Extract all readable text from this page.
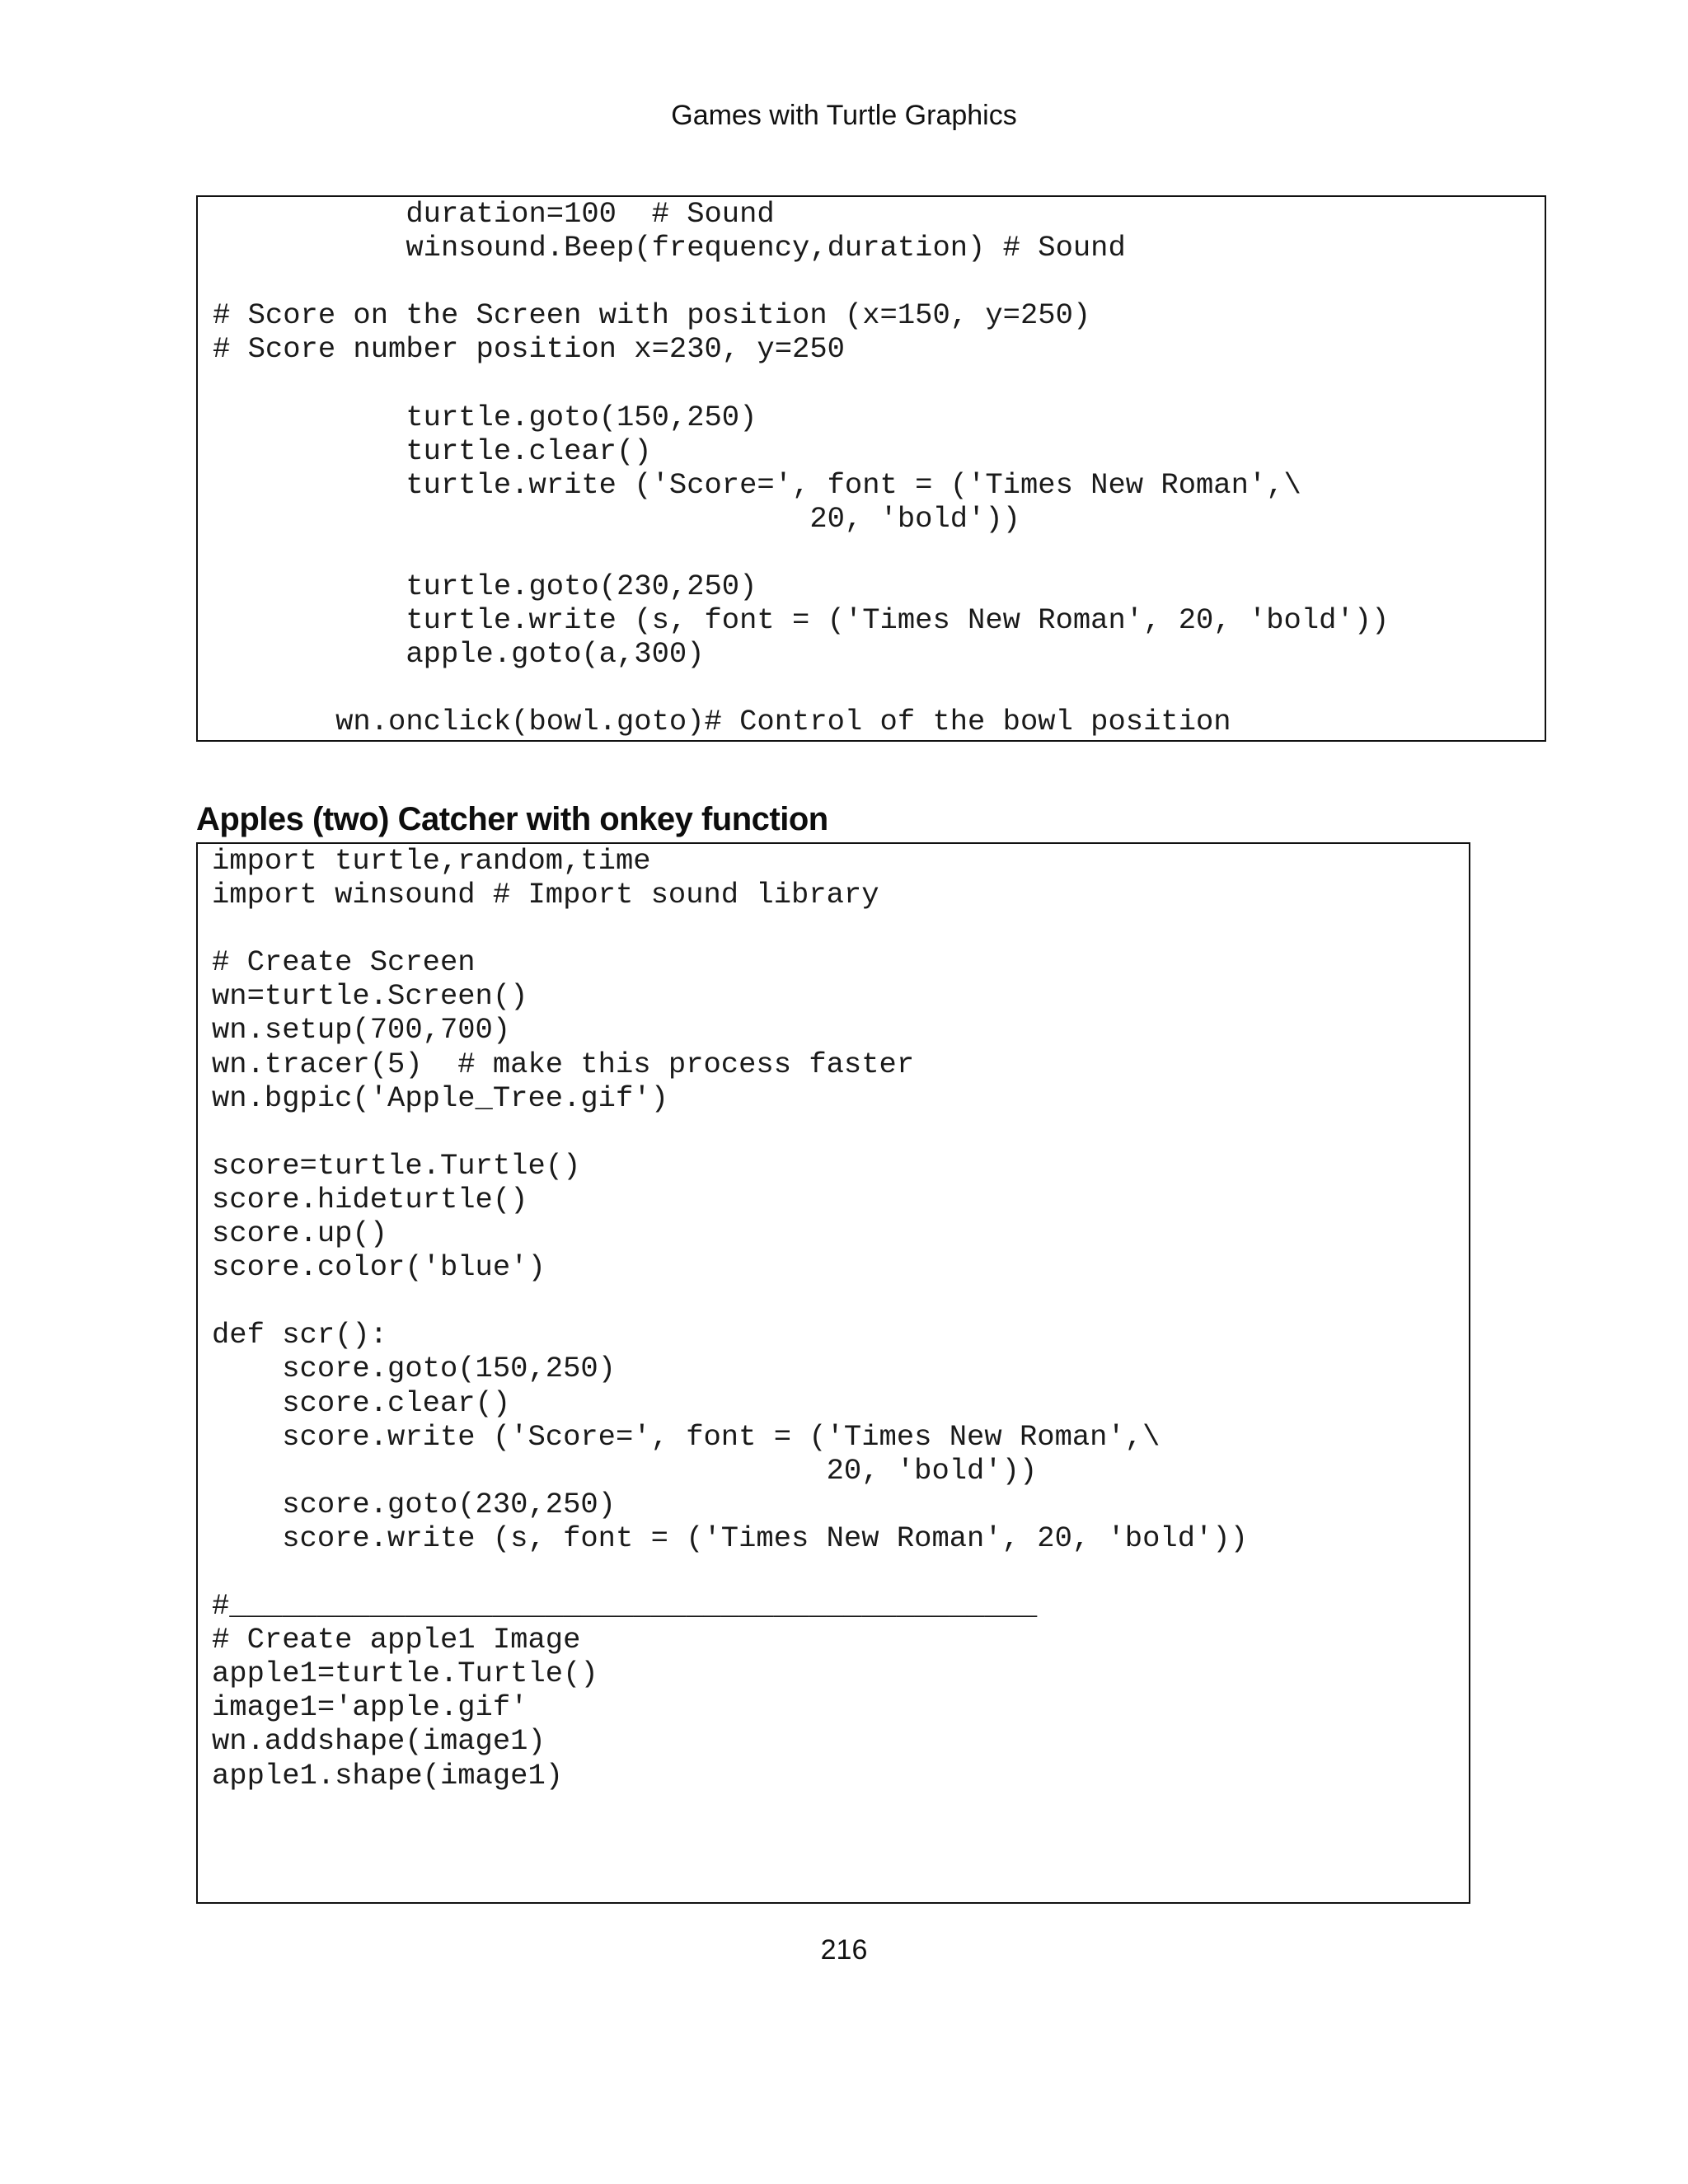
Games with Turtle Graphics
duration=100  # Sound
winsound.Beep(frequency,duration) # Sound

# Score on the Screen with position (x=150, y=250)
# Score number position x=230, y=250

turtle.goto(150,250)
turtle.clear()
turtle.write ('Score=', font = ('Times New Roman',\
20, 'bold'))

turtle.goto(230,250)
turtle.write (s, font = ('Times New Roman', 20, 'bold'))
apple.goto(a,300)

wn.onclick(bowl.goto)# Control of the bowl position
Apples (two) Catcher with onkey function
import turtle,random,time
import winsound # Import sound library

# Create Screen
wn=turtle.Screen()
wn.setup(700,700)
wn.tracer(5)  # make this process faster
wn.bgpic('Apple_Tree.gif')

score=turtle.Turtle()
score.hideturtle()
score.up()
score.color('blue')

def scr():
score.goto(150,250)
score.clear()
score.write ('Score=', font = ('Times New Roman',\
20, 'bold'))
score.goto(230,250)
score.write (s, font = ('Times New Roman', 20, 'bold'))

#______________________________________________
# Create apple1 Image
apple1=turtle.Turtle()
image1='apple.gif'
wn.addshape(image1)
apple1.shape(image1)
216
